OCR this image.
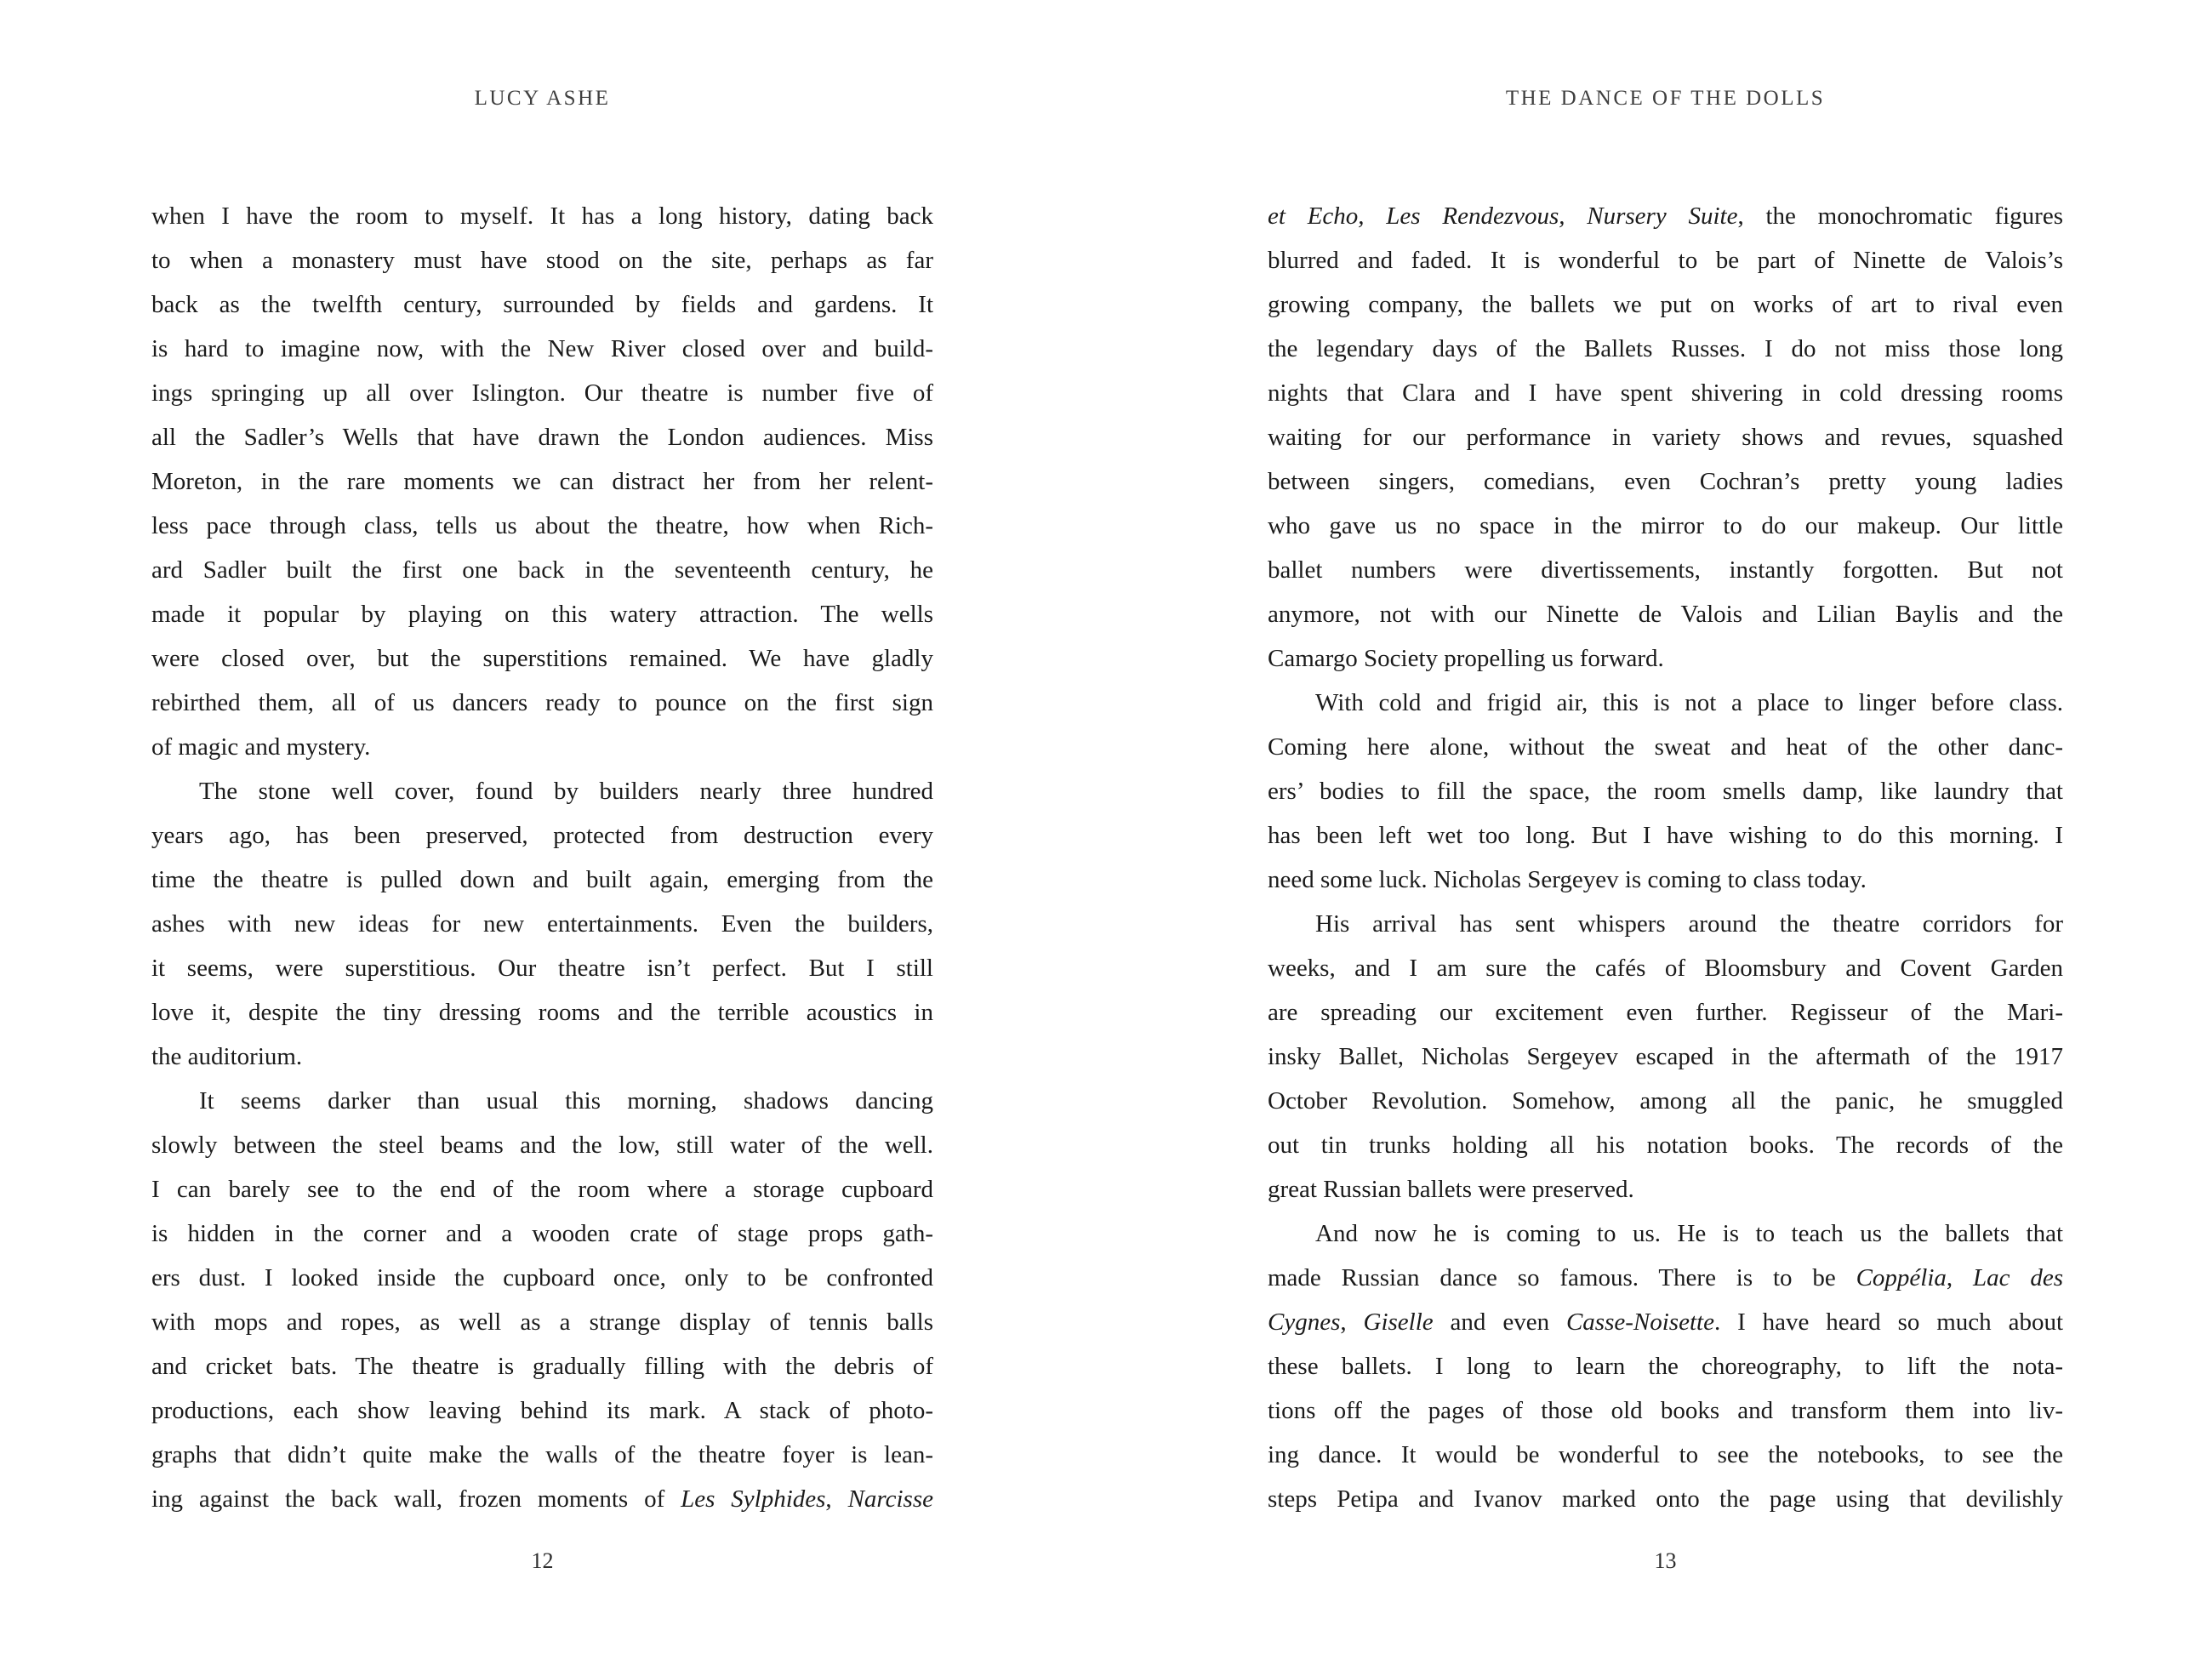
LUCY ASHE
when I have the room to myself. It has a long history, dating back
to when a monastery must have stood on the site, perhaps as far
back as the twelfth century, surrounded by fields and gardens. It
is hard to imagine now, with the New River closed over and build-
ings springing up all over Islington. Our theatre is number five of
all the Sadler’s Wells that have drawn the London audiences. Miss
Moreton, in the rare moments we can distract her from her relent-
less pace through class, tells us about the theatre, how when Rich-
ard Sadler built the first one back in the seventeenth century, he
made it popular by playing on this watery attraction. The wells
were closed over, but the superstitions remained. We have gladly
rebirthed them, all of us dancers ready to pounce on the first sign
of magic and mystery.
The stone well cover, found by builders nearly three hundred
years ago, has been preserved, protected from destruction every
time the theatre is pulled down and built again, emerging from the
ashes with new ideas for new entertainments. Even the builders,
it seems, were superstitious. Our theatre isn’t perfect. But I still
love it, despite the tiny dressing rooms and the terrible acoustics in
the auditorium.
It seems darker than usual this morning, shadows dancing
slowly between the steel beams and the low, still water of the well.
I can barely see to the end of the room where a storage cupboard
is hidden in the corner and a wooden crate of stage props gath-
ers dust. I looked inside the cupboard once, only to be confronted
with mops and ropes, as well as a strange display of tennis balls
and cricket bats. The theatre is gradually filling with the debris of
productions, each show leaving behind its mark. A stack of photo-
graphs that didn’t quite make the walls of the theatre foyer is lean-
ing against the back wall, frozen moments of Les Sylphides, Narcisse
12
THE DANCE OF THE DOLLS
et Echo, Les Rendezvous, Nursery Suite, the monochromatic figures
blurred and faded. It is wonderful to be part of Ninette de Valois’s
growing company, the ballets we put on works of art to rival even
the legendary days of the Ballets Russes. I do not miss those long
nights that Clara and I have spent shivering in cold dressing rooms
waiting for our performance in variety shows and revues, squashed
between singers, comedians, even Cochran’s pretty young ladies
who gave us no space in the mirror to do our makeup. Our little
ballet numbers were divertissements, instantly forgotten. But not
anymore, not with our Ninette de Valois and Lilian Baylis and the
Camargo Society propelling us forward.
With cold and frigid air, this is not a place to linger before class.
Coming here alone, without the sweat and heat of the other danc-
ers’ bodies to fill the space, the room smells damp, like laundry that
has been left wet too long. But I have wishing to do this morning. I
need some luck. Nicholas Sergeyev is coming to class today.
His arrival has sent whispers around the theatre corridors for
weeks, and I am sure the cafés of Bloomsbury and Covent Garden
are spreading our excitement even further. Regisseur of the Mari-
insky Ballet, Nicholas Sergeyev escaped in the aftermath of the 1917
October Revolution. Somehow, among all the panic, he smuggled
out tin trunks holding all his notation books. The records of the
great Russian ballets were preserved.
And now he is coming to us. He is to teach us the ballets that
made Russian dance so famous. There is to be Coppélia, Lac des
Cygnes, Giselle and even Casse-Noisette. I have heard so much about
these ballets. I long to learn the choreography, to lift the nota-
tions off the pages of those old books and transform them into liv-
ing dance. It would be wonderful to see the notebooks, to see the
steps Petipa and Ivanov marked onto the page using that devilishly
13
